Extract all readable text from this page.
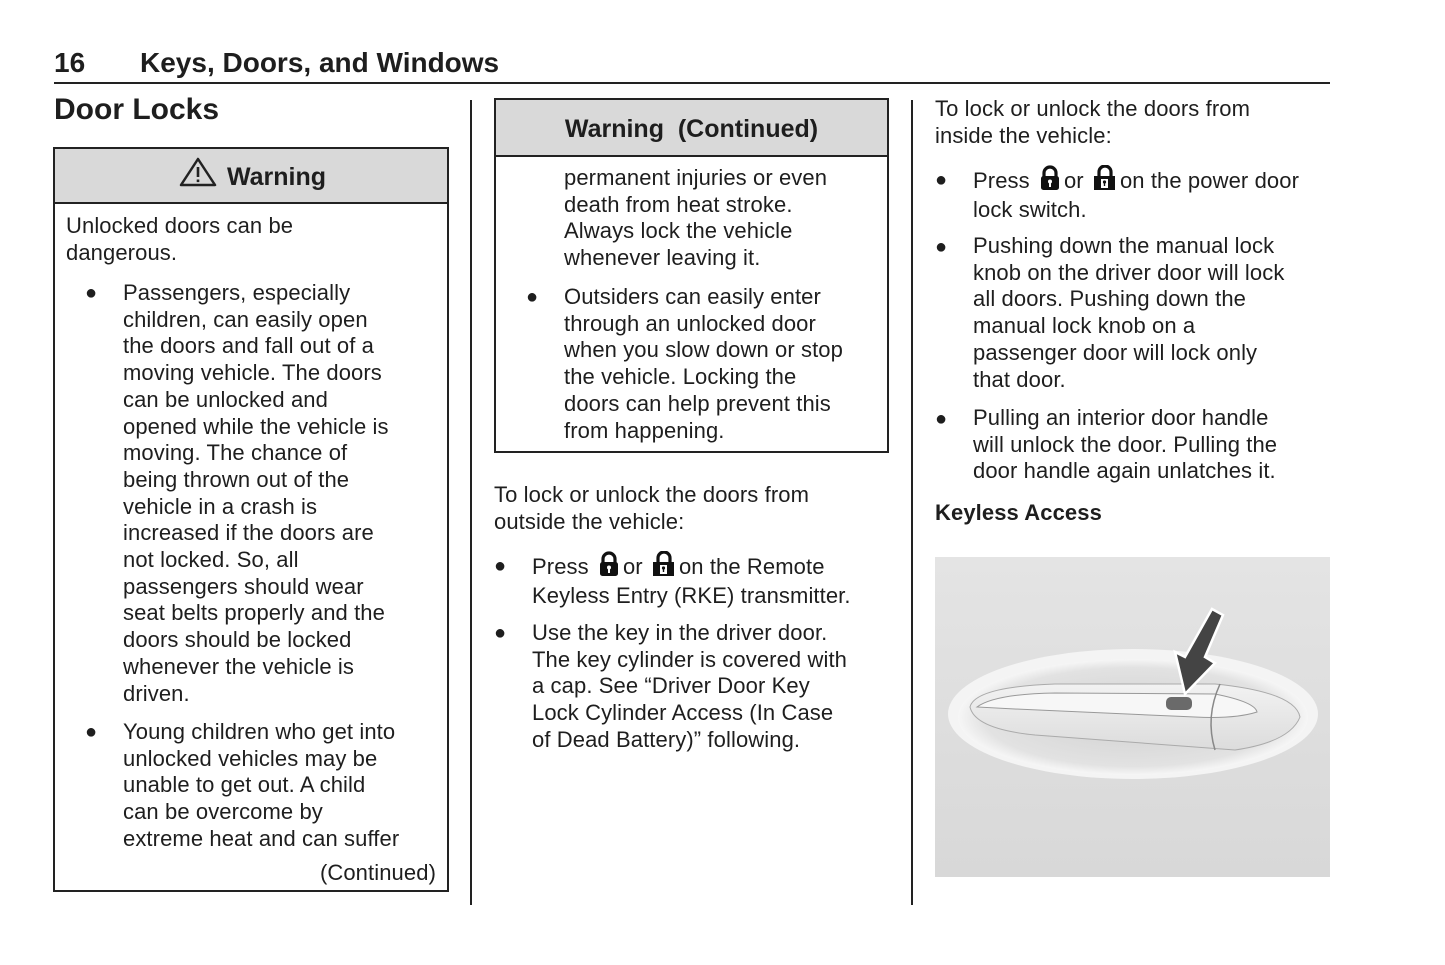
16 Keys, Doors, and Windows
Door Locks
Warning
Unlocked doors can be
dangerous.
● Passengers, especially
children, can easily open
the doors and fall out of a
moving vehicle. The doors
can be unlocked and
opened while the vehicle is
moving. The chance of
being thrown out of the
vehicle in a crash is
increased if the doors are
not locked. So, all
passengers should wear
seat belts properly and the
doors should be locked
whenever the vehicle is
driven.
● Young children who get into
unlocked vehicles may be
unable to get out. A child
can be overcome by
extreme heat and can suffer
(Continued)
Warning  (Continued)
permanent injuries or even
death from heat stroke.
Always lock the vehicle
whenever leaving it.
● Outsiders can easily enter
through an unlocked door
when you slow down or stop
the vehicle. Locking the
doors can help prevent this
from happening.
To lock or unlock the doors from
outside the vehicle:
● Press or on the Remote
Keyless Entry (RKE) transmitter.
● Use the key in the driver door.
The key cylinder is covered with
a cap. See “Driver Door Key
Lock Cylinder Access (In Case
of Dead Battery)” following.
To lock or unlock the doors from
inside the vehicle:
● Press or on the power door
lock switch.
● Pushing down the manual lock
knob on the driver door will lock
all doors. Pushing down the
manual lock knob on a
passenger door will lock only
that door.
● Pulling an interior door handle
will unlock the door. Pulling the
door handle again unlatches it.
Keyless Access
